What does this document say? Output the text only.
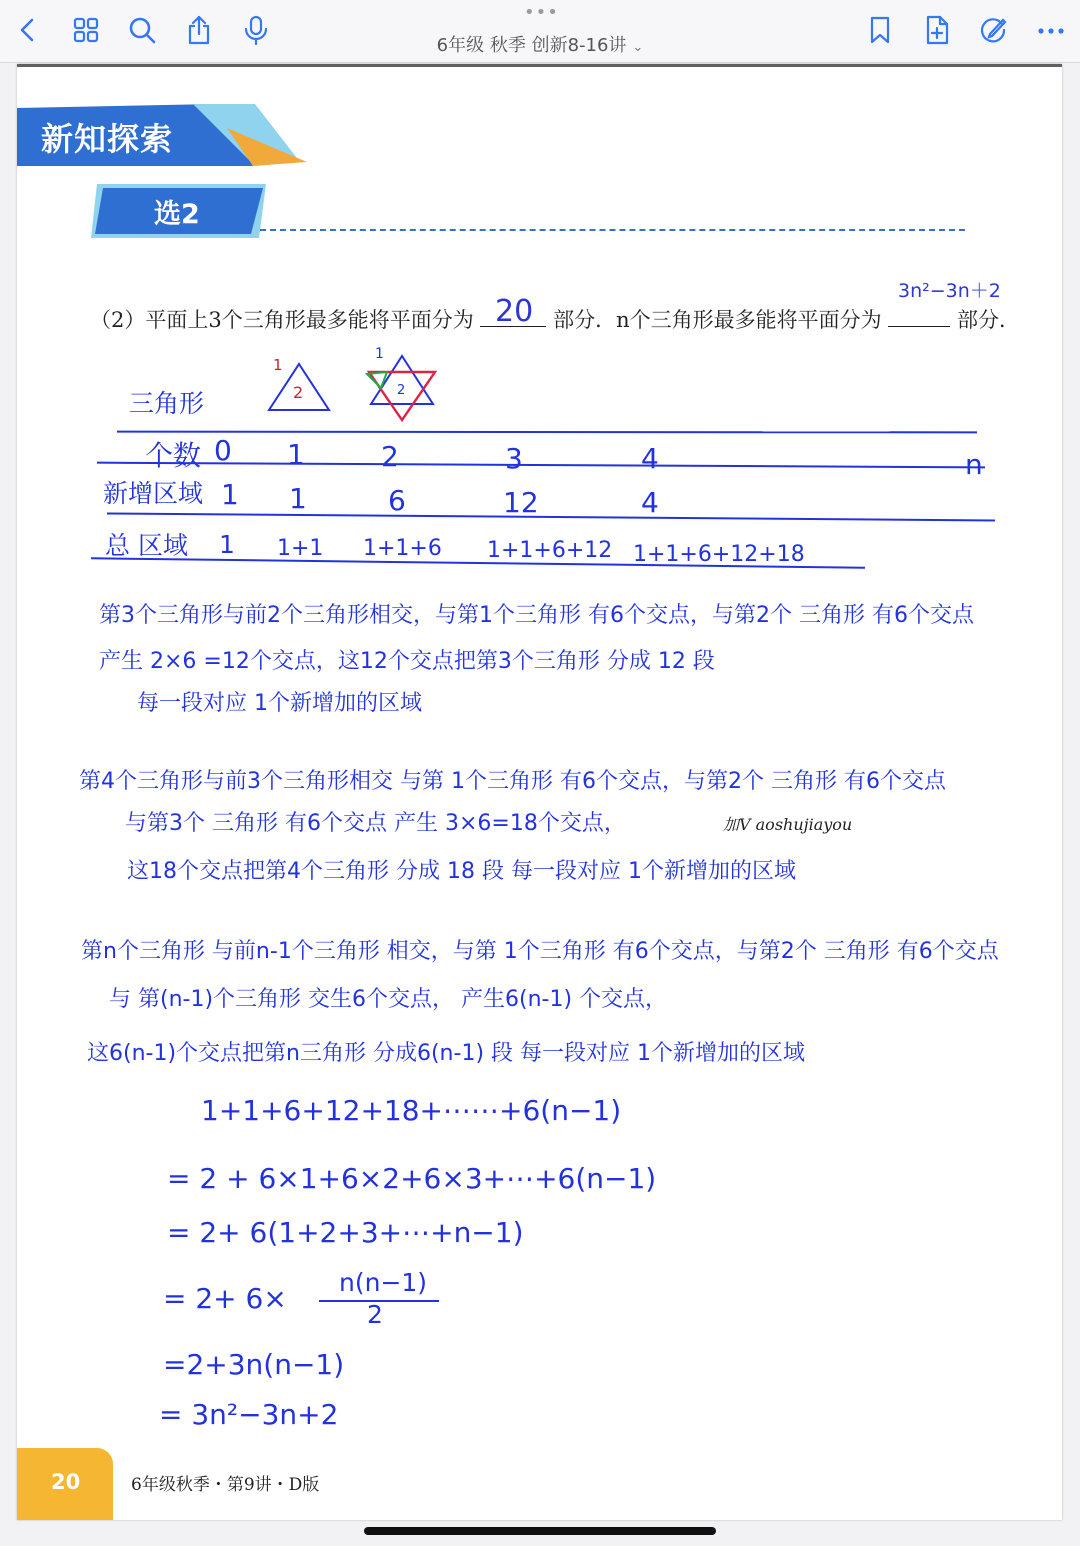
•••
6年级 秋季 创新8-16讲 ⌄
新知探索
选2
（2）平面上3个三角形最多能将平面分为	部分．n个三角形最多能将平面分为	部分．
20
3n²−3n＋2
2
1
1
2
三角形
个数 0 1	2	3	4	n
新增区域 1 1	6	12	4
总 区域 1 1+1 1+1+6 1+1+6+12 1+1+6+12+18
第3个三角形与前2个三角形相交，与第1个三角形 有6个交点，与第2个 三角形 有6个交点
产生 2×6 =12个交点，这12个交点把第3个三角形 分成 12 段
每一段对应 1个新增加的区域
第4个三角形与前3个三角形相交 与第 1个三角形 有6个交点，与第2个 三角形 有6个交点
与第3个 三角形 有6个交点 产生 3×6=18个交点，	加V aoshujiayou
这18个交点把第4个三角形 分成 18 段 每一段对应 1个新增加的区域
第n个三角形 与前n-1个三角形 相交，与第 1个三角形 有6个交点，与第2个 三角形 有6个交点
与 第(n-1)个三角形 交生6个交点， 产生6(n-1) 个交点，
这6(n-1)个交点把第n三角形 分成6(n-1) 段 每一段对应 1个新增加的区域
1+1+6+12+18+⋯⋯+6(n−1)
= 2 + 6×1+6×2+6×3+⋯+6(n−1)
= 2+ 6(1+2+3+⋯+n−1)
= 2+ 6× n(n−1)
2
=2+3n(n−1)
= 3n²−3n+2
20	6年级秋季・第9讲・D版
